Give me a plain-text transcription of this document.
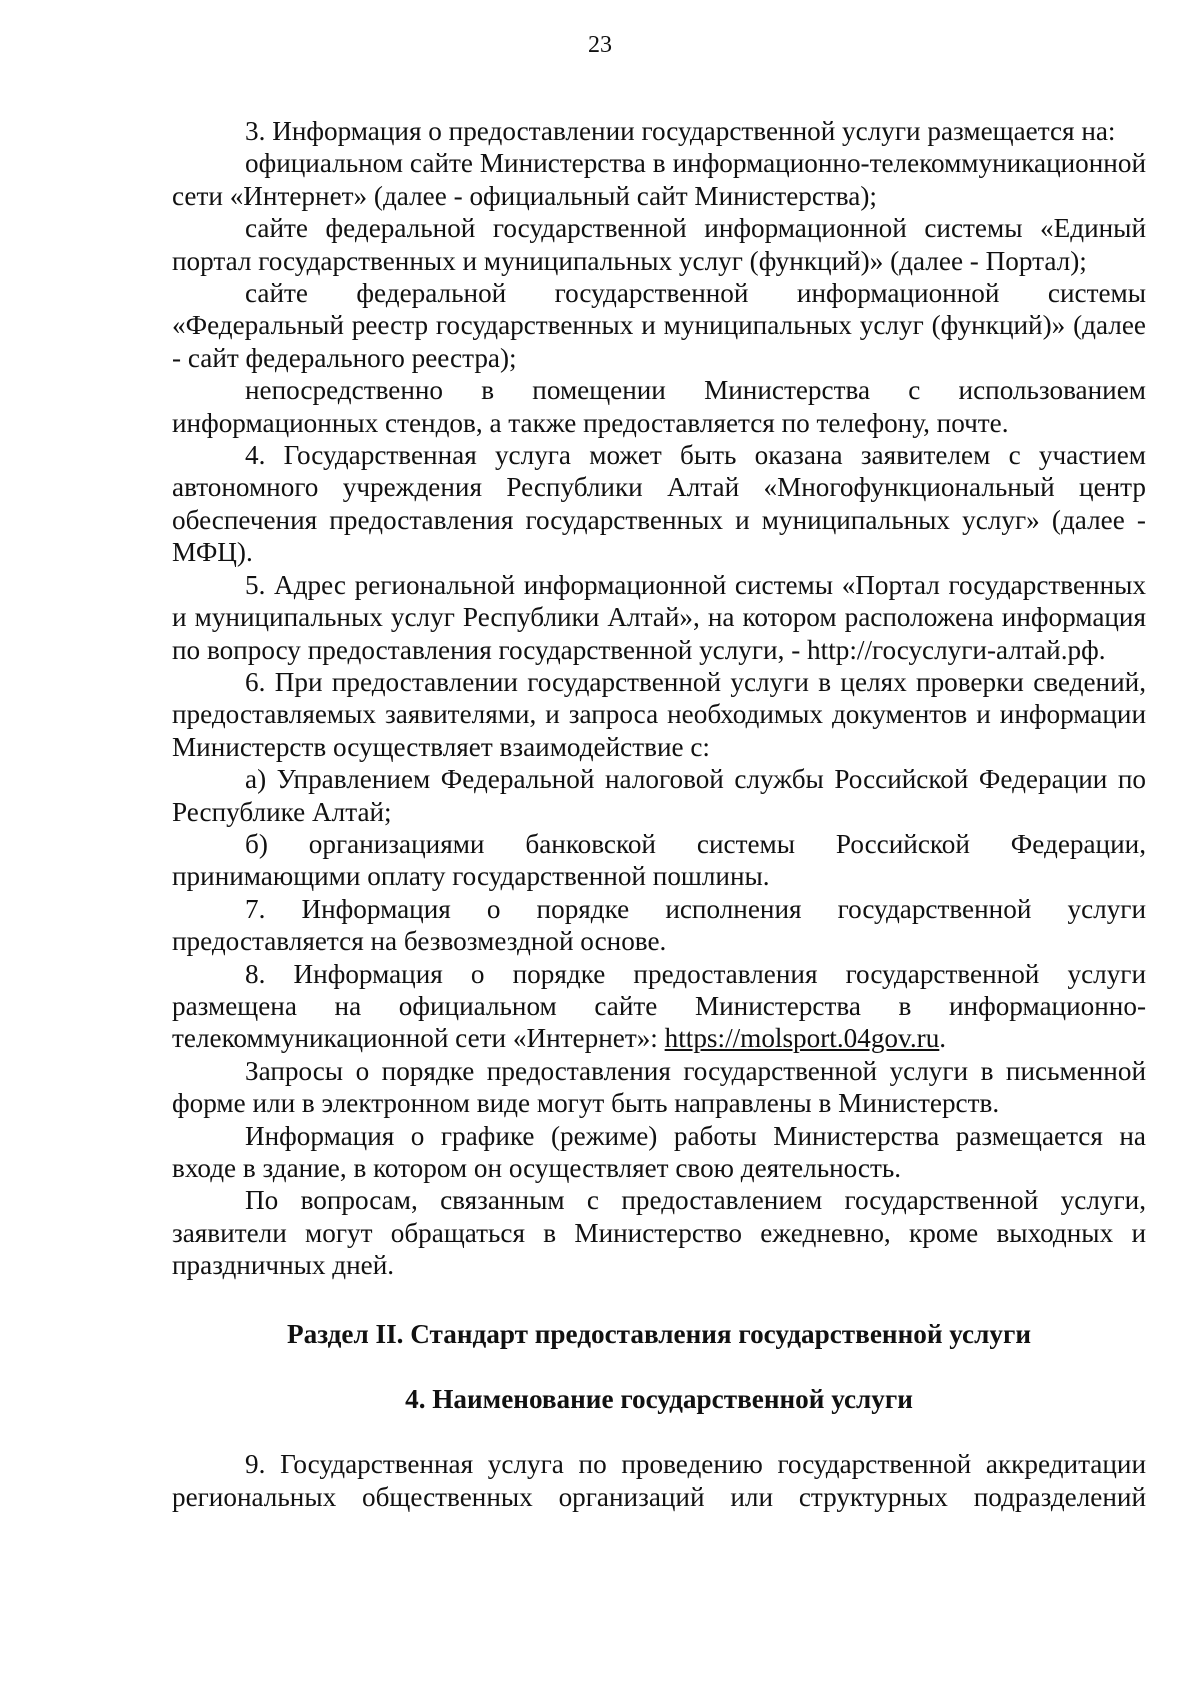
23

3. Информация о предоставлении государственной услуги размещается на:

официальном сайте Министерства в информационно-телекоммуникационной сети «Интернет» (далее - официальный сайт Министерства);

сайте федеральной государственной информационной системы «Единый портал государственных и муниципальных услуг (функций)» (далее - Портал);

сайте федеральной государственной информационной системы «Федеральный реестр государственных и муниципальных услуг (функций)» (далее - сайт федерального реестра);

непосредственно в помещении Министерства с использованием информационных стендов, а также предоставляется по телефону, почте.

4. Государственная услуга может быть оказана заявителем с участием автономного учреждения Республики Алтай «Многофункциональный центр обеспечения предоставления государственных и муниципальных услуг» (далее - МФЦ).

5. Адрес региональной информационной системы «Портал государственных и муниципальных услуг Республики Алтай», на котором расположена информация по вопросу предоставления государственной услуги, - http://госуслуги-алтай.рф.

6. При предоставлении государственной услуги в целях проверки сведений, предоставляемых заявителями, и запроса необходимых документов и информации Министерств осуществляет взаимодействие с:

а) Управлением Федеральной налоговой службы Российской Федерации по Республике Алтай;

б) организациями банковской системы Российской Федерации, принимающими оплату государственной пошлины.

7. Информация о порядке исполнения государственной услуги предоставляется на безвозмездной основе.

8. Информация о порядке предоставления государственной услуги размещена на официальном сайте Министерства в информационно-телекоммуникационной сети «Интернет»: https://molsport.04gov.ru.

Запросы о порядке предоставления государственной услуги в письменной форме или в электронном виде могут быть направлены в Министерств.

Информация о графике (режиме) работы Министерства размещается на входе в здание, в котором он осуществляет свою деятельность.

По вопросам, связанным с предоставлением государственной услуги, заявители могут обращаться в Министерство ежедневно, кроме выходных и праздничных дней.

Раздел II. Стандарт предоставления государственной услуги

4. Наименование государственной услуги

9. Государственная услуга по проведению государственной аккредитации региональных общественных организаций или структурных подразделений
